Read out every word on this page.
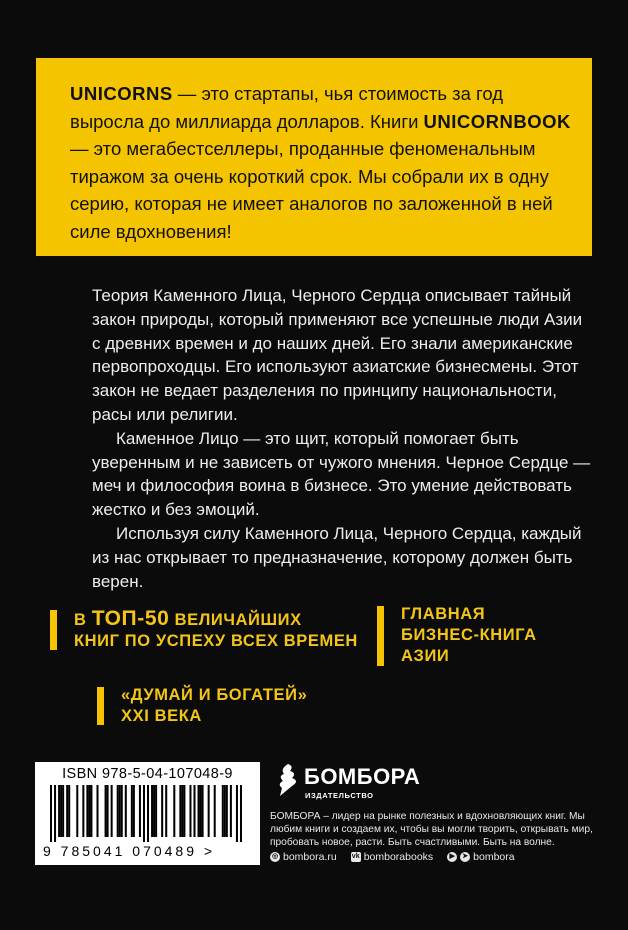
UNICORNS — это стартапы, чья стоимость за год выросла до миллиарда долларов. Книги UNICORNBOOK — это мегабестселлеры, проданные феноменальным тиражом за очень короткий срок. Мы собрали их в одну серию, которая не имеет аналогов по заложенной в ней силе вдохновения!

Теория Каменного Лица, Черного Сердца описывает тайный закон природы, который применяют все успешные люди Азии с древних времен и до наших дней. Его знали американские первопроходцы. Его используют азиатские бизнесмены. Этот закон не ведает разделения по принципу национальности, расы или религии.

Каменное Лицо — это щит, который помогает быть уверенным и не зависеть от чужого мнения. Черное Сердце — меч и философия воина в бизнесе. Это умение действовать жестко и без эмоций.

Используя силу Каменного Лица, Черного Сердца, каждый из нас открывает то предназначение, которому должен быть верен.

В ТОП-50 ВЕЛИЧАЙШИХ
КНИГ ПО УСПЕХУ ВСЕХ ВРЕМЕН
ГЛАВНАЯ
БИЗНЕС-КНИГА
АЗИИ
«ДУМАЙ И БОГАТЕЙ»
XXI ВЕКА
ISBN 978-5-04-107048-9
9 785041 070489 >
БОМБОРА
ИЗДАТЕЛЬСТВО
БОМБОРА – лидер на рынке полезных и вдохновляющих книг. Мы любим книги и создаем их, чтобы вы могли творить, открывать мир, пробовать новое, расти. Быть счастливыми. Быть на волне.
◎ bombora.ru vk bomborabooks	▶	➤ bombora
